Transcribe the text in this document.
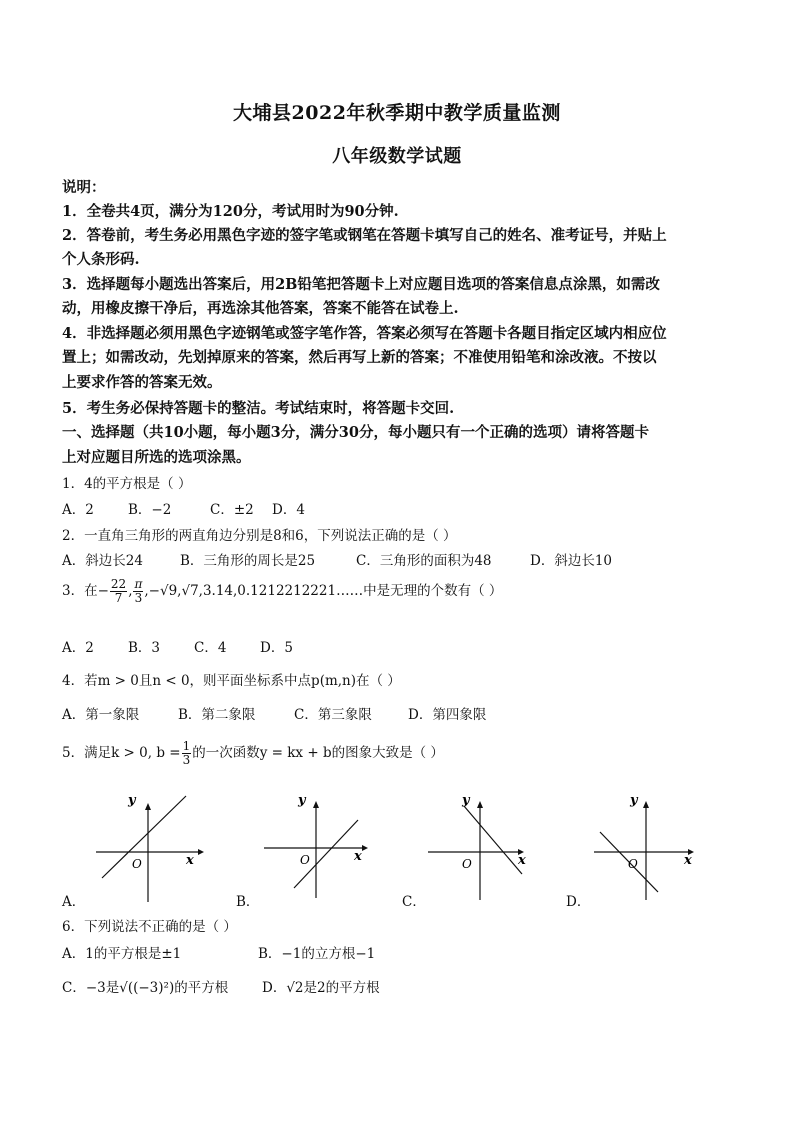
大埔县2022年秋季期中教学质量监测
八年级数学试题
说明：
1．全卷共4页，满分为120分，考试用时为90分钟.
2．答卷前，考生务必用黑色字迹的签字笔或钢笔在答题卡填写自己的姓名、准考证号，并贴上
个人条形码.
3．选择题每小题选出答案后，用2B铅笔把答题卡上对应题目选项的答案信息点涂黑，如需改
动，用橡皮擦干净后，再选涂其他答案，答案不能答在试卷上.
4．非选择题必须用黑色字迹钢笔或签字笔作答，答案必须写在答题卡各题目指定区域内相应位
置上；如需改动，先划掉原来的答案，然后再写上新的答案；不准使用铅笔和涂改液。不按以
上要求作答的答案无效。
5．考生务必保持答题卡的整洁。考试结束时，将答题卡交回.
一、选择题（共10小题，每小题3分，满分30分，每小题只有一个正确的选项）请将答题卡
上对应题目所选的选项涂黑。
1．4的平方根是（ ）
A．2	B．−2	C．±2 D．4
2．一直角三角形的两直角边分别是8和6，下列说法正确的是（ ）
A．斜边长24	B．三角形的周长是25	C．三角形的面积为48	D．斜边长10
3．在− $\frac{22}{7}$ , $\frac{\pi}{3}$ ,−√9,√7,3.14,0.1212212221……中是无理的个数有（ ）
A．2	B．3	C．4 D．5
4．若m > 0且n < 0，则平面坐标系中点p(m,n)在（ ）
A．第一象限	B．第二象限	C．第三象限	D．第四象限
5．满足k > 0, $b = \frac{1}{3}$ 的一次函数y = kx + b的图象大致是（ ）
y
x
O
y
x
O
y
x
O
y
x
O
A．	B．	C．	D．
6．下列说法不正确的是（ ）
A．1的平方根是±1	B．−1的立方根−1
C．−3是√((−3)²)的平方根	D．√2是2的平方根
